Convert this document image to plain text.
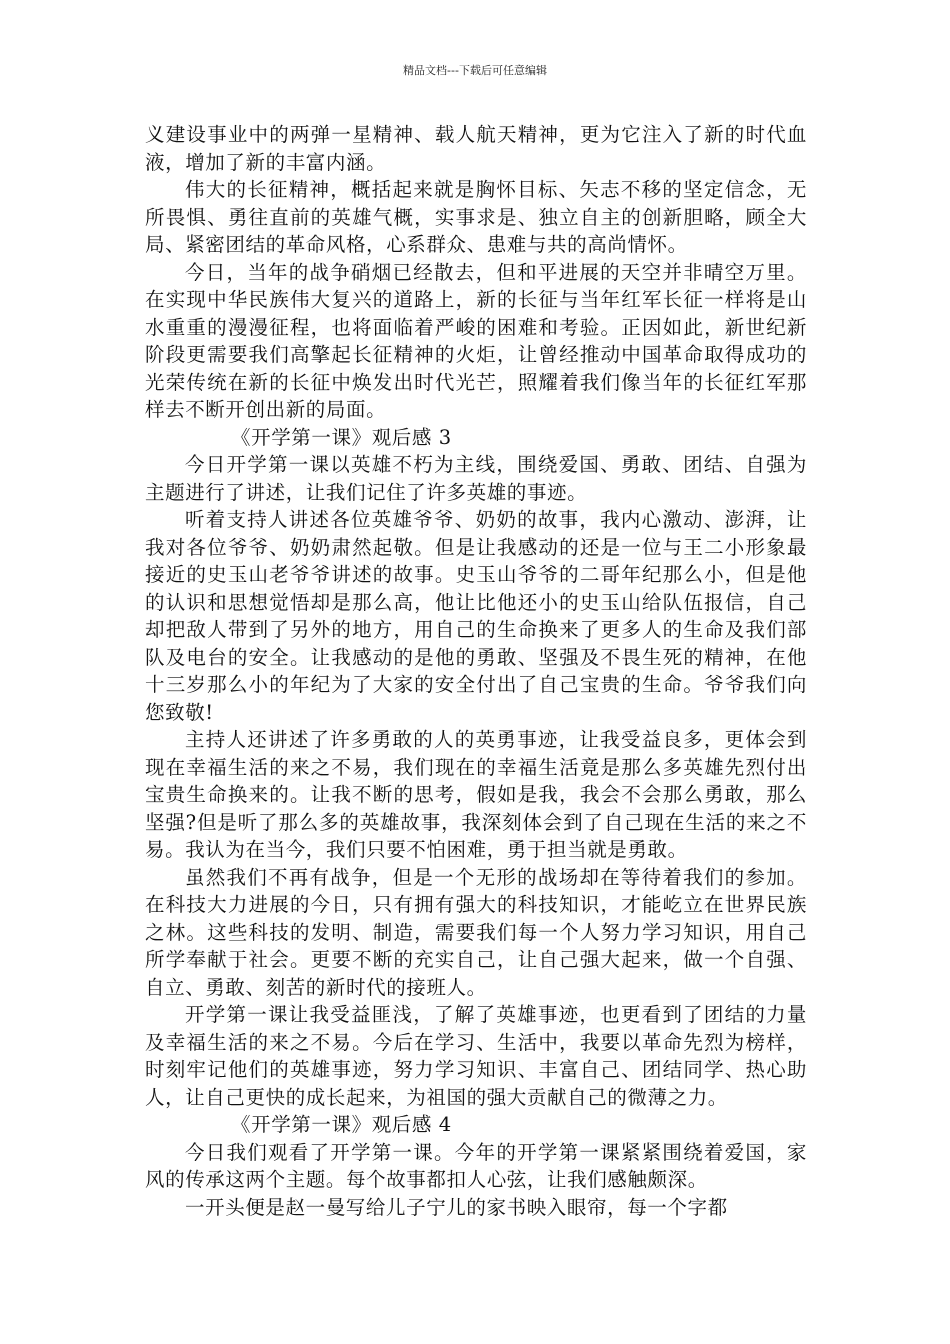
精品文档---下载后可任意编辑

义建设事业中的两弹一星精神、载人航天精神，更为它注入了新的时代血液，增加了新的丰富内涵。

伟大的长征精神，概括起来就是胸怀目标、矢志不移的坚定信念，无所畏惧、勇往直前的英雄气概，实事求是、独立自主的创新胆略，顾全大局、紧密团结的革命风格，心系群众、患难与共的高尚情怀。

今日，当年的战争硝烟已经散去，但和平进展的天空并非晴空万里。在实现中华民族伟大复兴的道路上，新的长征与当年红军长征一样将是山水重重的漫漫征程，也将面临着严峻的困难和考验。正因如此，新世纪新阶段更需要我们高擎起长征精神的火炬，让曾经推动中国革命取得成功的光荣传统在新的长征中焕发出时代光芒，照耀着我们像当年的长征红军那样去不断开创出新的局面。

《开学第一课》观后感 3

今日开学第一课以英雄不朽为主线，围绕爱国、勇敢、团结、自强为主题进行了讲述，让我们记住了许多英雄的事迹。

听着支持人讲述各位英雄爷爷、奶奶的故事，我内心激动、澎湃，让我对各位爷爷、奶奶肃然起敬。但是让我感动的还是一位与王二小形象最接近的史玉山老爷爷讲述的故事。史玉山爷爷的二哥年纪那么小，但是他的认识和思想觉悟却是那么高，他让比他还小的史玉山给队伍报信，自己却把敌人带到了另外的地方，用自己的生命换来了更多人的生命及我们部队及电台的安全。让我感动的是他的勇敢、坚强及不畏生死的精神，在他十三岁那么小的年纪为了大家的安全付出了自己宝贵的生命。爷爷我们向您致敬!

主持人还讲述了许多勇敢的人的英勇事迹，让我受益良多，更体会到现在幸福生活的来之不易，我们现在的幸福生活竟是那么多英雄先烈付出宝贵生命换来的。让我不断的思考，假如是我，我会不会那么勇敢，那么坚强?但是听了那么多的英雄故事，我深刻体会到了自己现在生活的来之不易。我认为在当今，我们只要不怕困难，勇于担当就是勇敢。

虽然我们不再有战争，但是一个无形的战场却在等待着我们的参加。在科技大力进展的今日，只有拥有强大的科技知识，才能屹立在世界民族之林。这些科技的发明、制造，需要我们每一个人努力学习知识，用自己所学奉献于社会。更要不断的充实自己，让自己强大起来，做一个自强、自立、勇敢、刻苦的新时代的接班人。

开学第一课让我受益匪浅，了解了英雄事迹，也更看到了团结的力量及幸福生活的来之不易。今后在学习、生活中，我要以革命先烈为榜样，时刻牢记他们的英雄事迹，努力学习知识、丰富自己、团结同学、热心助人，让自己更快的成长起来，为祖国的强大贡献自己的微薄之力。

《开学第一课》观后感 4

今日我们观看了开学第一课。今年的开学第一课紧紧围绕着爱国，家风的传承这两个主题。每个故事都扣人心弦，让我们感触颇深。

一开头便是赵一曼写给儿子宁儿的家书映入眼帘，每一个字都
